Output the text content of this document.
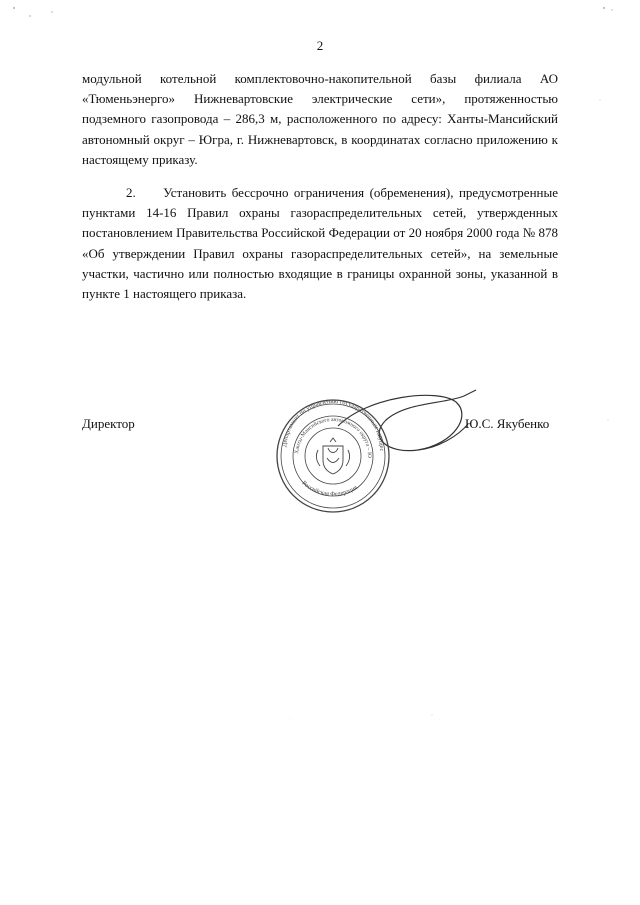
2

модульной котельной комплектовочно-накопительной базы филиала АО «Тюменьэнерго» Нижневартовские электрические сети», протяженностью подземного газопровода – 286,3 м, расположенного по адресу: Ханты-Мансийский автономный округ – Югра, г. Нижневартовск, в координатах согласно приложению к настоящему приказу.

2.     Установить бессрочно ограничения (обременения), предусмотренные пунктами 14-16 Правил охраны газораспределительных сетей, утвержденных постановлением Правительства Российской Федерации от 20 ноября 2000 года № 878 «Об утверждении Правил охраны газораспределительных сетей», на земельные участки, частично или полностью входящие в границы охранной зоны, указанной в пункте 1 настоящего приказа.

Директор
Департамент по управлению государственным имущес
Ханты-Мансийского автономного округа – Ю
Российская Федерация
Ю.С. Якубенко
